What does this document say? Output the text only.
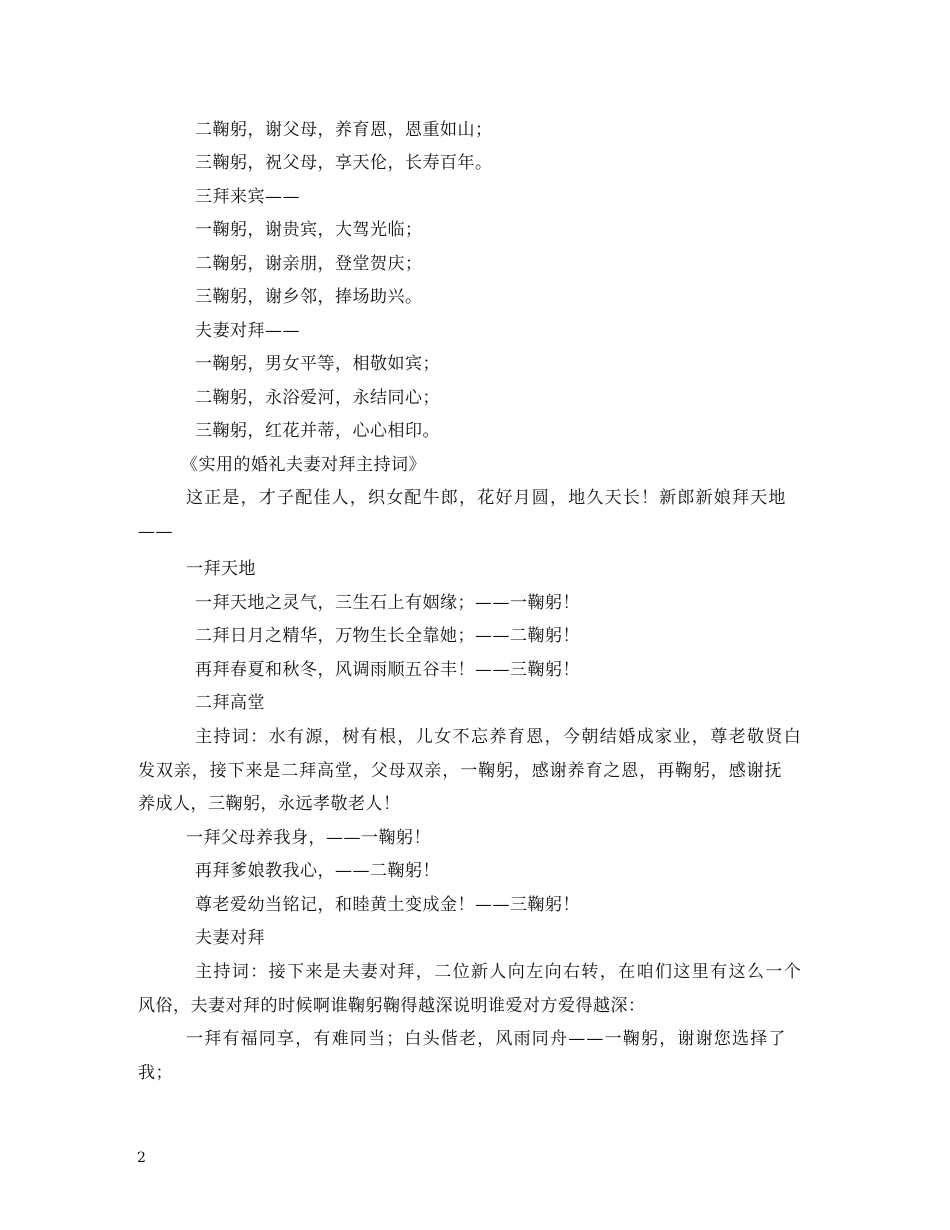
二鞠躬，谢父母，养育恩，恩重如山；
三鞠躬，祝父母，享天伦，长寿百年。
三拜来宾——
一鞠躬，谢贵宾，大驾光临；
二鞠躬，谢亲朋，登堂贺庆；
三鞠躬，谢乡邻，捧场助兴。
夫妻对拜——
一鞠躬，男女平等，相敬如宾；
二鞠躬，永浴爱河，永结同心；
三鞠躬，红花并蒂，心心相印。
《实用的婚礼夫妻对拜主持词》
这正是，才子配佳人，织女配牛郎，花好月圆，地久天长！新郎新娘拜天地
——
一拜天地
一拜天地之灵气，三生石上有姻缘；——一鞠躬！
二拜日月之精华，万物生长全靠她；——二鞠躬！
再拜春夏和秋冬，风调雨顺五谷丰！——三鞠躬！
二拜高堂
主持词：水有源，树有根，儿女不忘养育恩，今朝结婚成家业，尊老敬贤白
发双亲，接下来是二拜高堂，父母双亲，一鞠躬，感谢养育之恩，再鞠躬，感谢抚
养成人，三鞠躬，永远孝敬老人！
一拜父母养我身，——一鞠躬！
再拜爹娘教我心，——二鞠躬！
尊老爱幼当铭记，和睦黄土变成金！——三鞠躬！
夫妻对拜
主持词：接下来是夫妻对拜，二位新人向左向右转，在咱们这里有这么一个
风俗，夫妻对拜的时候啊谁鞠躬鞠得越深说明谁爱对方爱得越深：
一拜有福同享，有难同当；白头偕老，风雨同舟——一鞠躬，谢谢您选择了
我；
2
